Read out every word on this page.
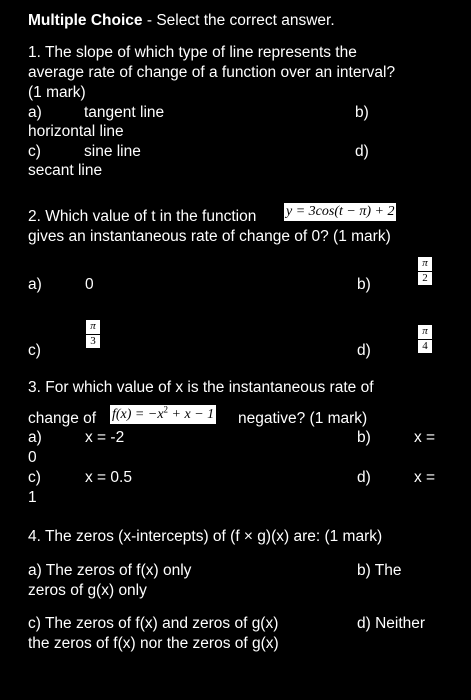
Multiple Choice - Select the correct answer.
1. The slope of which type of line represents the
average rate of change of a function over an interval?
(1 mark)
a)	tangent line	b)
horizontal line
c)	sine line	d)
secant line
2. Which value of t in the function y = 3cos(t − π) + 2
gives an instantaneous rate of change of 0? (1 mark)
a)	0	b)	$\frac{\pi}{2}$
c)
$\frac{\pi}{3}$
d)	$\frac{\pi}{4}$
3. For which value of x is the instantaneous rate of
change of $f(x) = -x^2 + x - 1$ negative? (1 mark)
a)	x = -2	b)	x =
0
c)	x = 0.5	d)	x =
1
4. The zeros (x-intercepts) of (f × g)(x) are: (1 mark)
a) The zeros of f(x) only	b) The
zeros of g(x) only
c) The zeros of f(x) and zeros of g(x)	d) Neither
the zeros of f(x) nor the zeros of g(x)
